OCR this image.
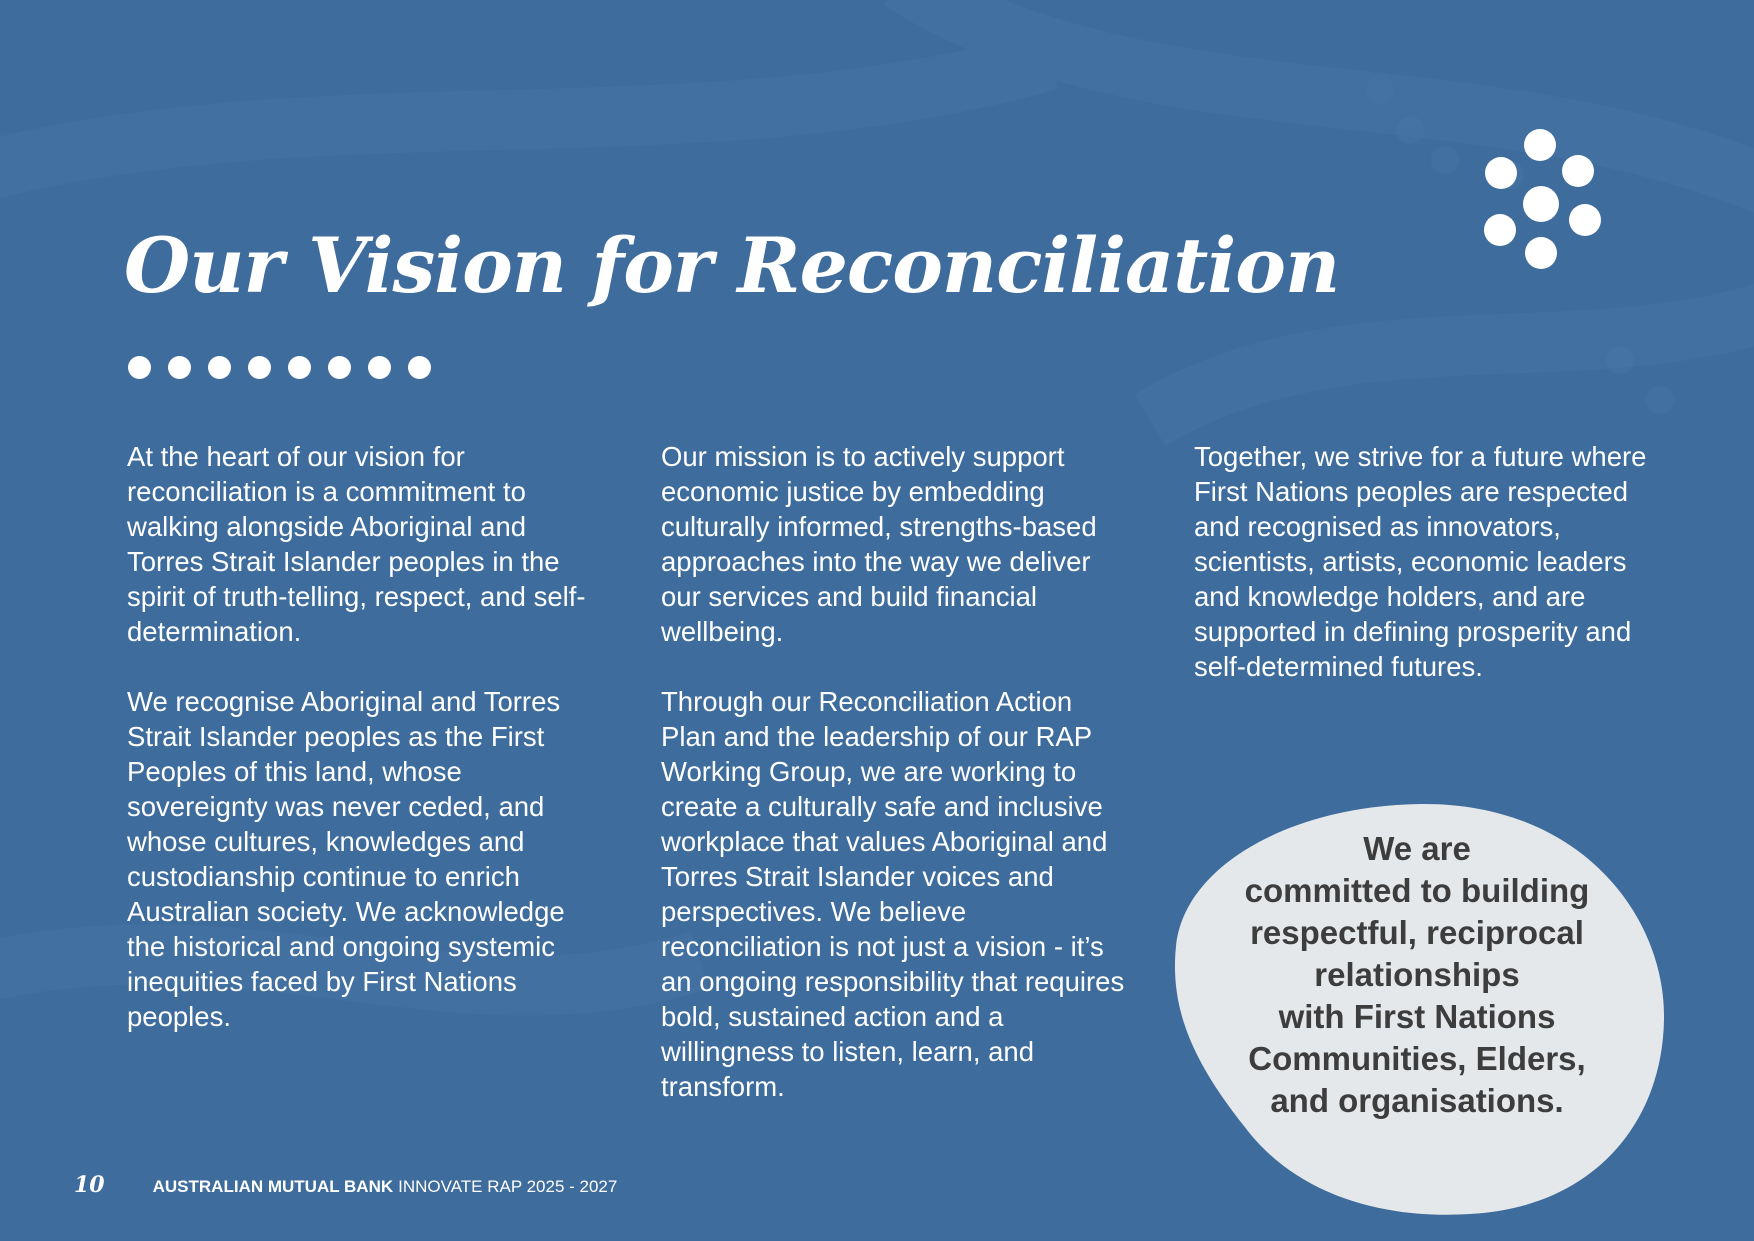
Our Vision for Reconciliation

At the heart of our vision for reconciliation is a commitment to walking alongside Aboriginal and Torres Strait Islander peoples in the spirit of truth-telling, respect, and self-determination.

We recognise Aboriginal and Torres Strait Islander peoples as the First Peoples of this land, whose sovereignty was never ceded, and whose cultures, knowledges and custodianship continue to enrich Australian society. We acknowledge the historical and ongoing systemic inequities faced by First Nations peoples.

Our mission is to actively support economic justice by embedding culturally informed, strengths-based approaches into the way we deliver our services and build financial wellbeing.

Through our Reconciliation Action Plan and the leadership of our RAP Working Group, we are working to create a culturally safe and inclusive workplace that values Aboriginal and Torres Strait Islander voices and perspectives. We believe reconciliation is not just a vision - it’s an ongoing responsibility that requires bold, sustained action and a willingness to listen, learn, and transform.

Together, we strive for a future where First Nations peoples are respected and recognised as innovators, scientists, artists, economic leaders and knowledge holders, and are supported in defining prosperity and self-determined futures.

We are
committed to building
respectful, reciprocal
relationships
with First Nations
Communities, Elders,
and organisations.
10	AUSTRALIAN MUTUAL BANK INNOVATE RAP 2025 - 2027
